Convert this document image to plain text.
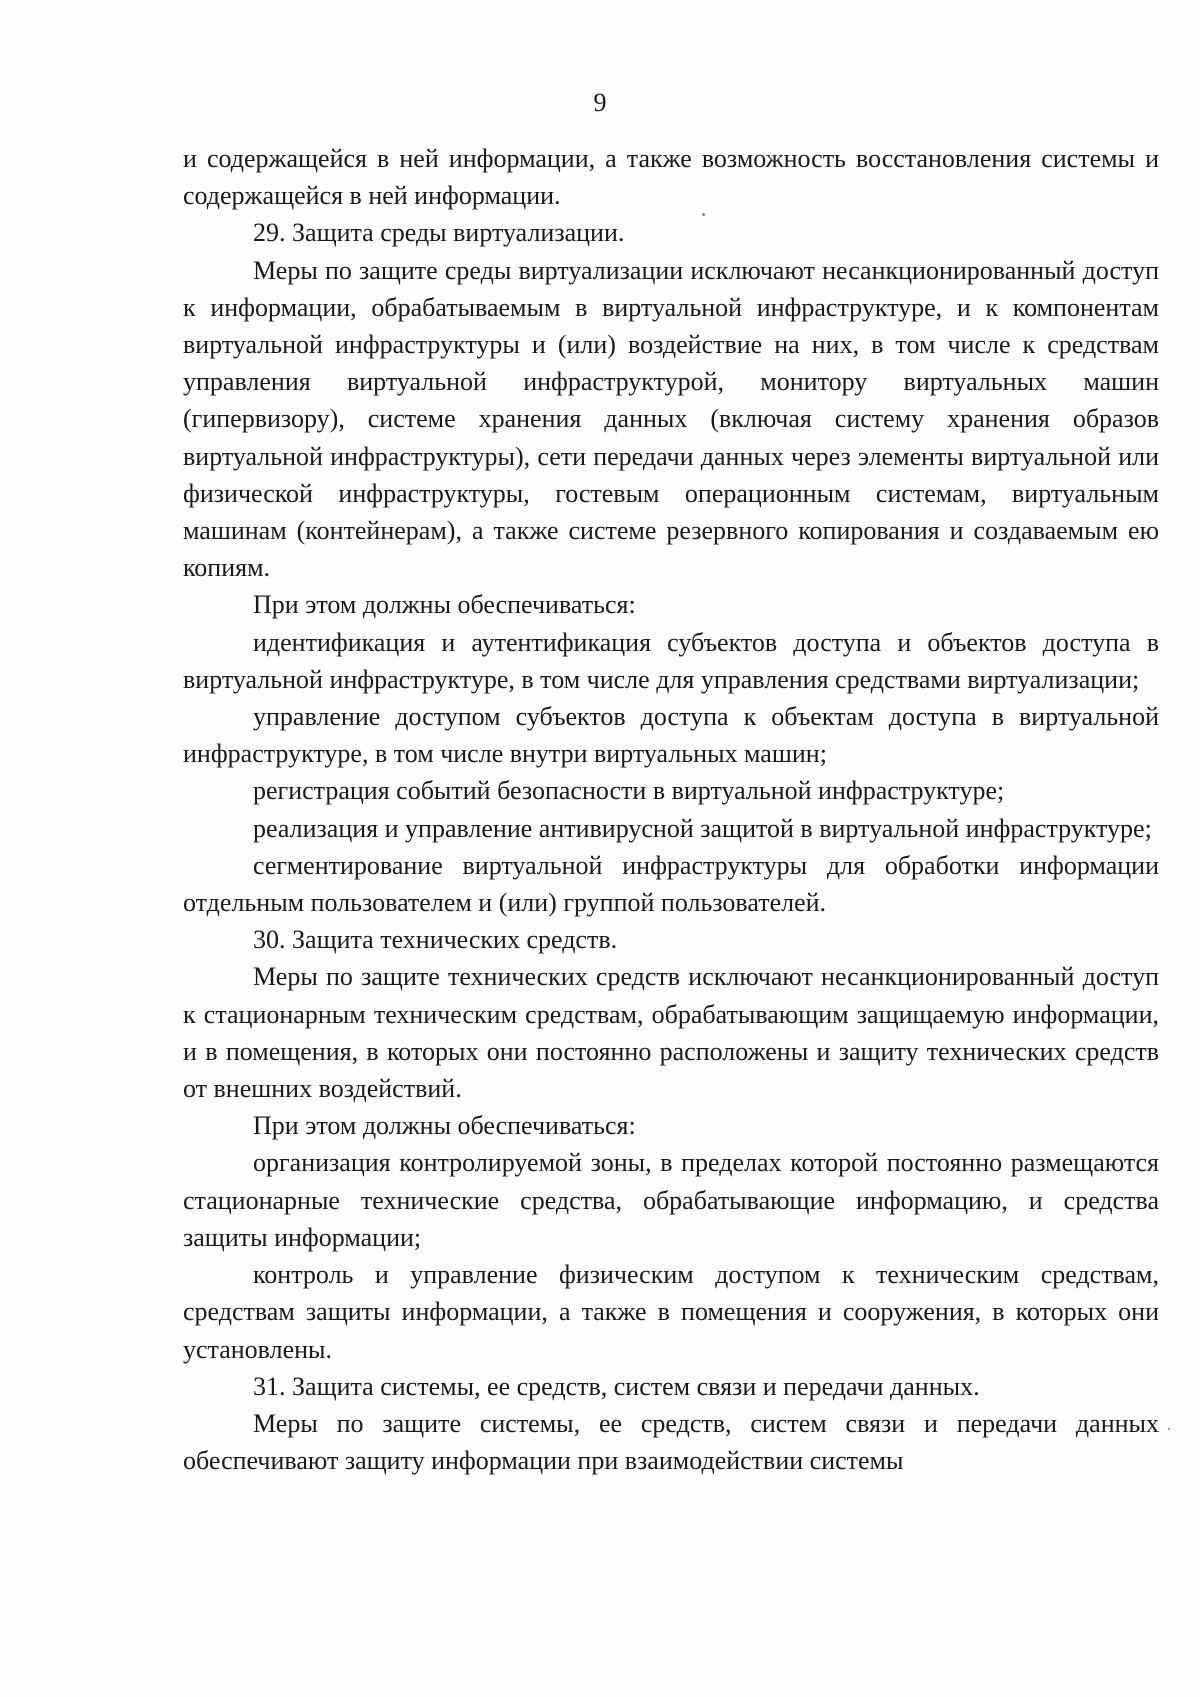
9

и содержащейся в ней информации, а также возможность восстановления системы и содержащейся в ней информации.

29. Защита среды виртуализации.

Меры по защите среды виртуализации исключают несанкционированный доступ к информации, обрабатываемым в виртуальной инфраструктуре, и к компонентам виртуальной инфраструктуры и (или) воздействие на них, в том числе к средствам управления виртуальной инфраструктурой, монитору виртуальных машин (гипервизору), системе хранения данных (включая систему хранения образов виртуальной инфраструктуры), сети передачи данных через элементы виртуальной или физической инфраструктуры, гостевым операционным системам, виртуальным машинам (контейнерам), а также системе резервного копирования и создаваемым ею копиям.

При этом должны обеспечиваться:

идентификация и аутентификация субъектов доступа и объектов доступа в виртуальной инфраструктуре, в том числе для управления средствами виртуализации;

управление доступом субъектов доступа к объектам доступа в виртуальной инфраструктуре, в том числе внутри виртуальных машин;

регистрация событий безопасности в виртуальной инфраструктуре;

реализация и управление антивирусной защитой в виртуальной инфраструктуре;

сегментирование виртуальной инфраструктуры для обработки информации отдельным пользователем и (или) группой пользователей.

30. Защита технических средств.

Меры по защите технических средств исключают несанкционированный доступ к стационарным техническим средствам, обрабатывающим защищаемую информации, и в помещения, в которых они постоянно расположены и защиту технических средств от внешних воздействий.

При этом должны обеспечиваться:

организация контролируемой зоны, в пределах которой постоянно размещаются стационарные технические средства, обрабатывающие информацию, и средства защиты информации;

контроль и управление физическим доступом к техническим средствам, средствам защиты информации, а также в помещения и сооружения, в которых они установлены.

31. Защита системы, ее средств, систем связи и передачи данных.

Меры по защите системы, ее средств, систем связи и передачи данных обеспечивают защиту информации при взаимодействии системы
